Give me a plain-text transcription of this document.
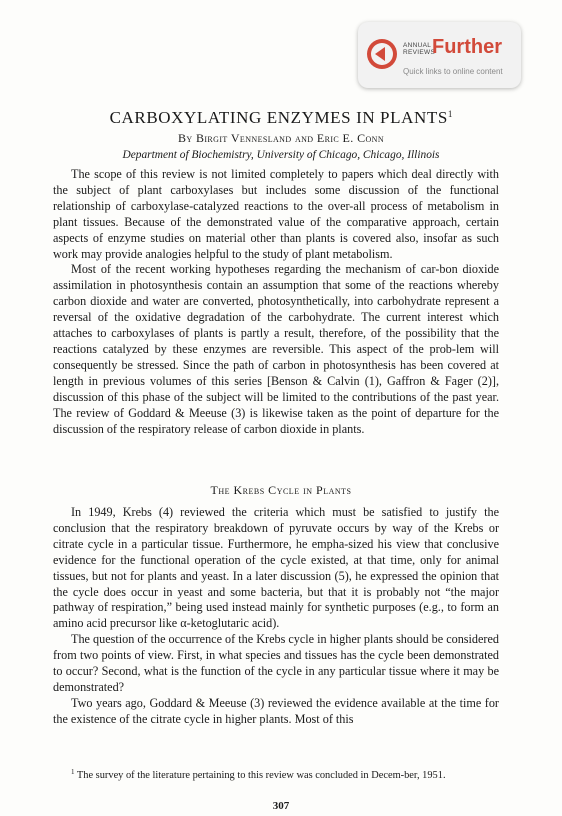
ANNUAL
REVIEWS
Further
Quick links to online content
CARBOXYLATING ENZYMES IN PLANTS$^1$
By Birgit Vennesland and Eric E. Conn
Department of Biochemistry, University of Chicago, Chicago, Illinois

The scope of this review is not limited completely to papers which deal directly with the subject of plant carboxylases but includes some discussion of the functional relationship of carboxylase-catalyzed reactions to the over-all process of metabolism in plant tissues. Because of the demonstrated value of the comparative approach, certain aspects of enzyme studies on material other than plants is covered also, insofar as such work may provide analogies helpful to the study of plant metabolism.

Most of the recent working hypotheses regarding the mechanism of car-bon dioxide assimilation in photosynthesis contain an assumption that some of the reactions whereby carbon dioxide and water are converted, photosynthetically, into carbohydrate represent a reversal of the oxidative degradation of the carbohydrate. The current interest which attaches to carboxylases of plants is partly a result, therefore, of the possibility that the reactions catalyzed by these enzymes are reversible. This aspect of the prob-lem will consequently be stressed. Since the path of carbon in photosynthesis has been covered at length in previous volumes of this series [Benson & Calvin (1), Gaffron & Fager (2)], discussion of this phase of the subject will be limited to the contributions of the past year. The review of Goddard & Meeuse (3) is likewise taken as the point of departure for the discussion of the respiratory release of carbon dioxide in plants.

The Krebs Cycle in Plants

In 1949, Krebs (4) reviewed the criteria which must be satisfied to justify the conclusion that the respiratory breakdown of pyruvate occurs by way of the Krebs or citrate cycle in a particular tissue. Furthermore, he empha-sized his view that conclusive evidence for the functional operation of the cycle existed, at that time, only for animal tissues, but not for plants and yeast. In a later discussion (5), he expressed the opinion that the cycle does occur in yeast and some bacteria, but that it is probably not “the major pathway of respiration,” being used instead mainly for synthetic purposes (e.g., to form an amino acid precursor like α-ketoglutaric acid).

The question of the occurrence of the Krebs cycle in higher plants should be considered from two points of view. First, in what species and tissues has the cycle been demonstrated to occur? Second, what is the function of the cycle in any particular tissue where it may be demonstrated?

Two years ago, Goddard & Meeuse (3) reviewed the evidence available at the time for the existence of the citrate cycle in higher plants. Most of this

$^1$ The survey of the literature pertaining to this review was concluded in Decem-ber, 1951.

307
